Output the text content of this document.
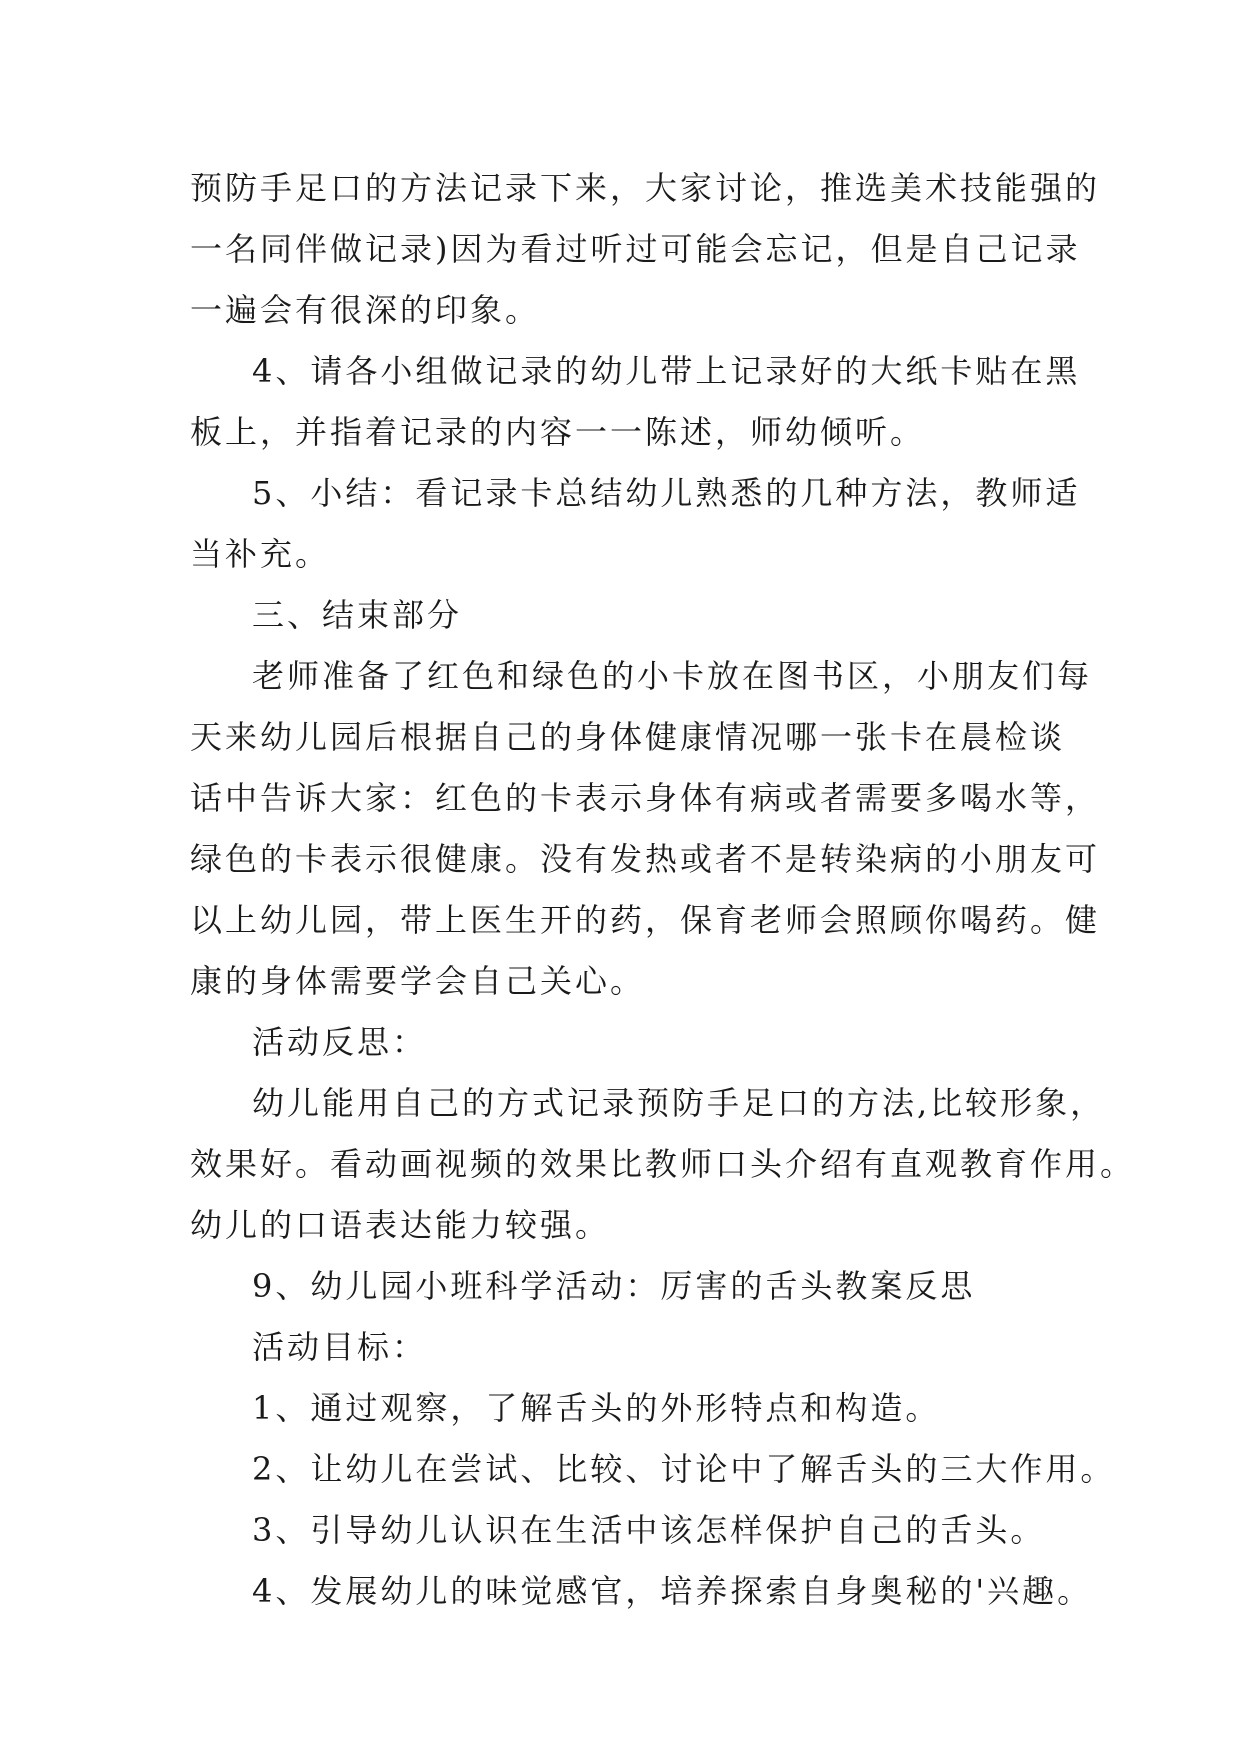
预防手足口的方法记录下来，大家讨论，推选美术技能强的
一名同伴做记录)因为看过听过可能会忘记，但是自己记录
一遍会有很深的印象。
4、请各小组做记录的幼儿带上记录好的大纸卡贴在黑
板上，并指着记录的内容一一陈述，师幼倾听。
5、小结：看记录卡总结幼儿熟悉的几种方法，教师适
当补充。
三、结束部分
老师准备了红色和绿色的小卡放在图书区，小朋友们每
天来幼儿园后根据自己的身体健康情况哪一张卡在晨检谈
话中告诉大家：红色的卡表示身体有病或者需要多喝水等，
绿色的卡表示很健康。没有发热或者不是转染病的小朋友可
以上幼儿园，带上医生开的药，保育老师会照顾你喝药。健
康的身体需要学会自己关心。
活动反思：
幼儿能用自己的方式记录预防手足口的方法,比较形象，
效果好。看动画视频的效果比教师口头介绍有直观教育作用。
幼儿的口语表达能力较强。
9、幼儿园小班科学活动：厉害的舌头教案反思
活动目标：
1、通过观察，了解舌头的外形特点和构造。
2、让幼儿在尝试、比较、讨论中了解舌头的三大作用。
3、引导幼儿认识在生活中该怎样保护自己的舌头。
4、发展幼儿的味觉感官，培养探索自身奥秘的'兴趣。
